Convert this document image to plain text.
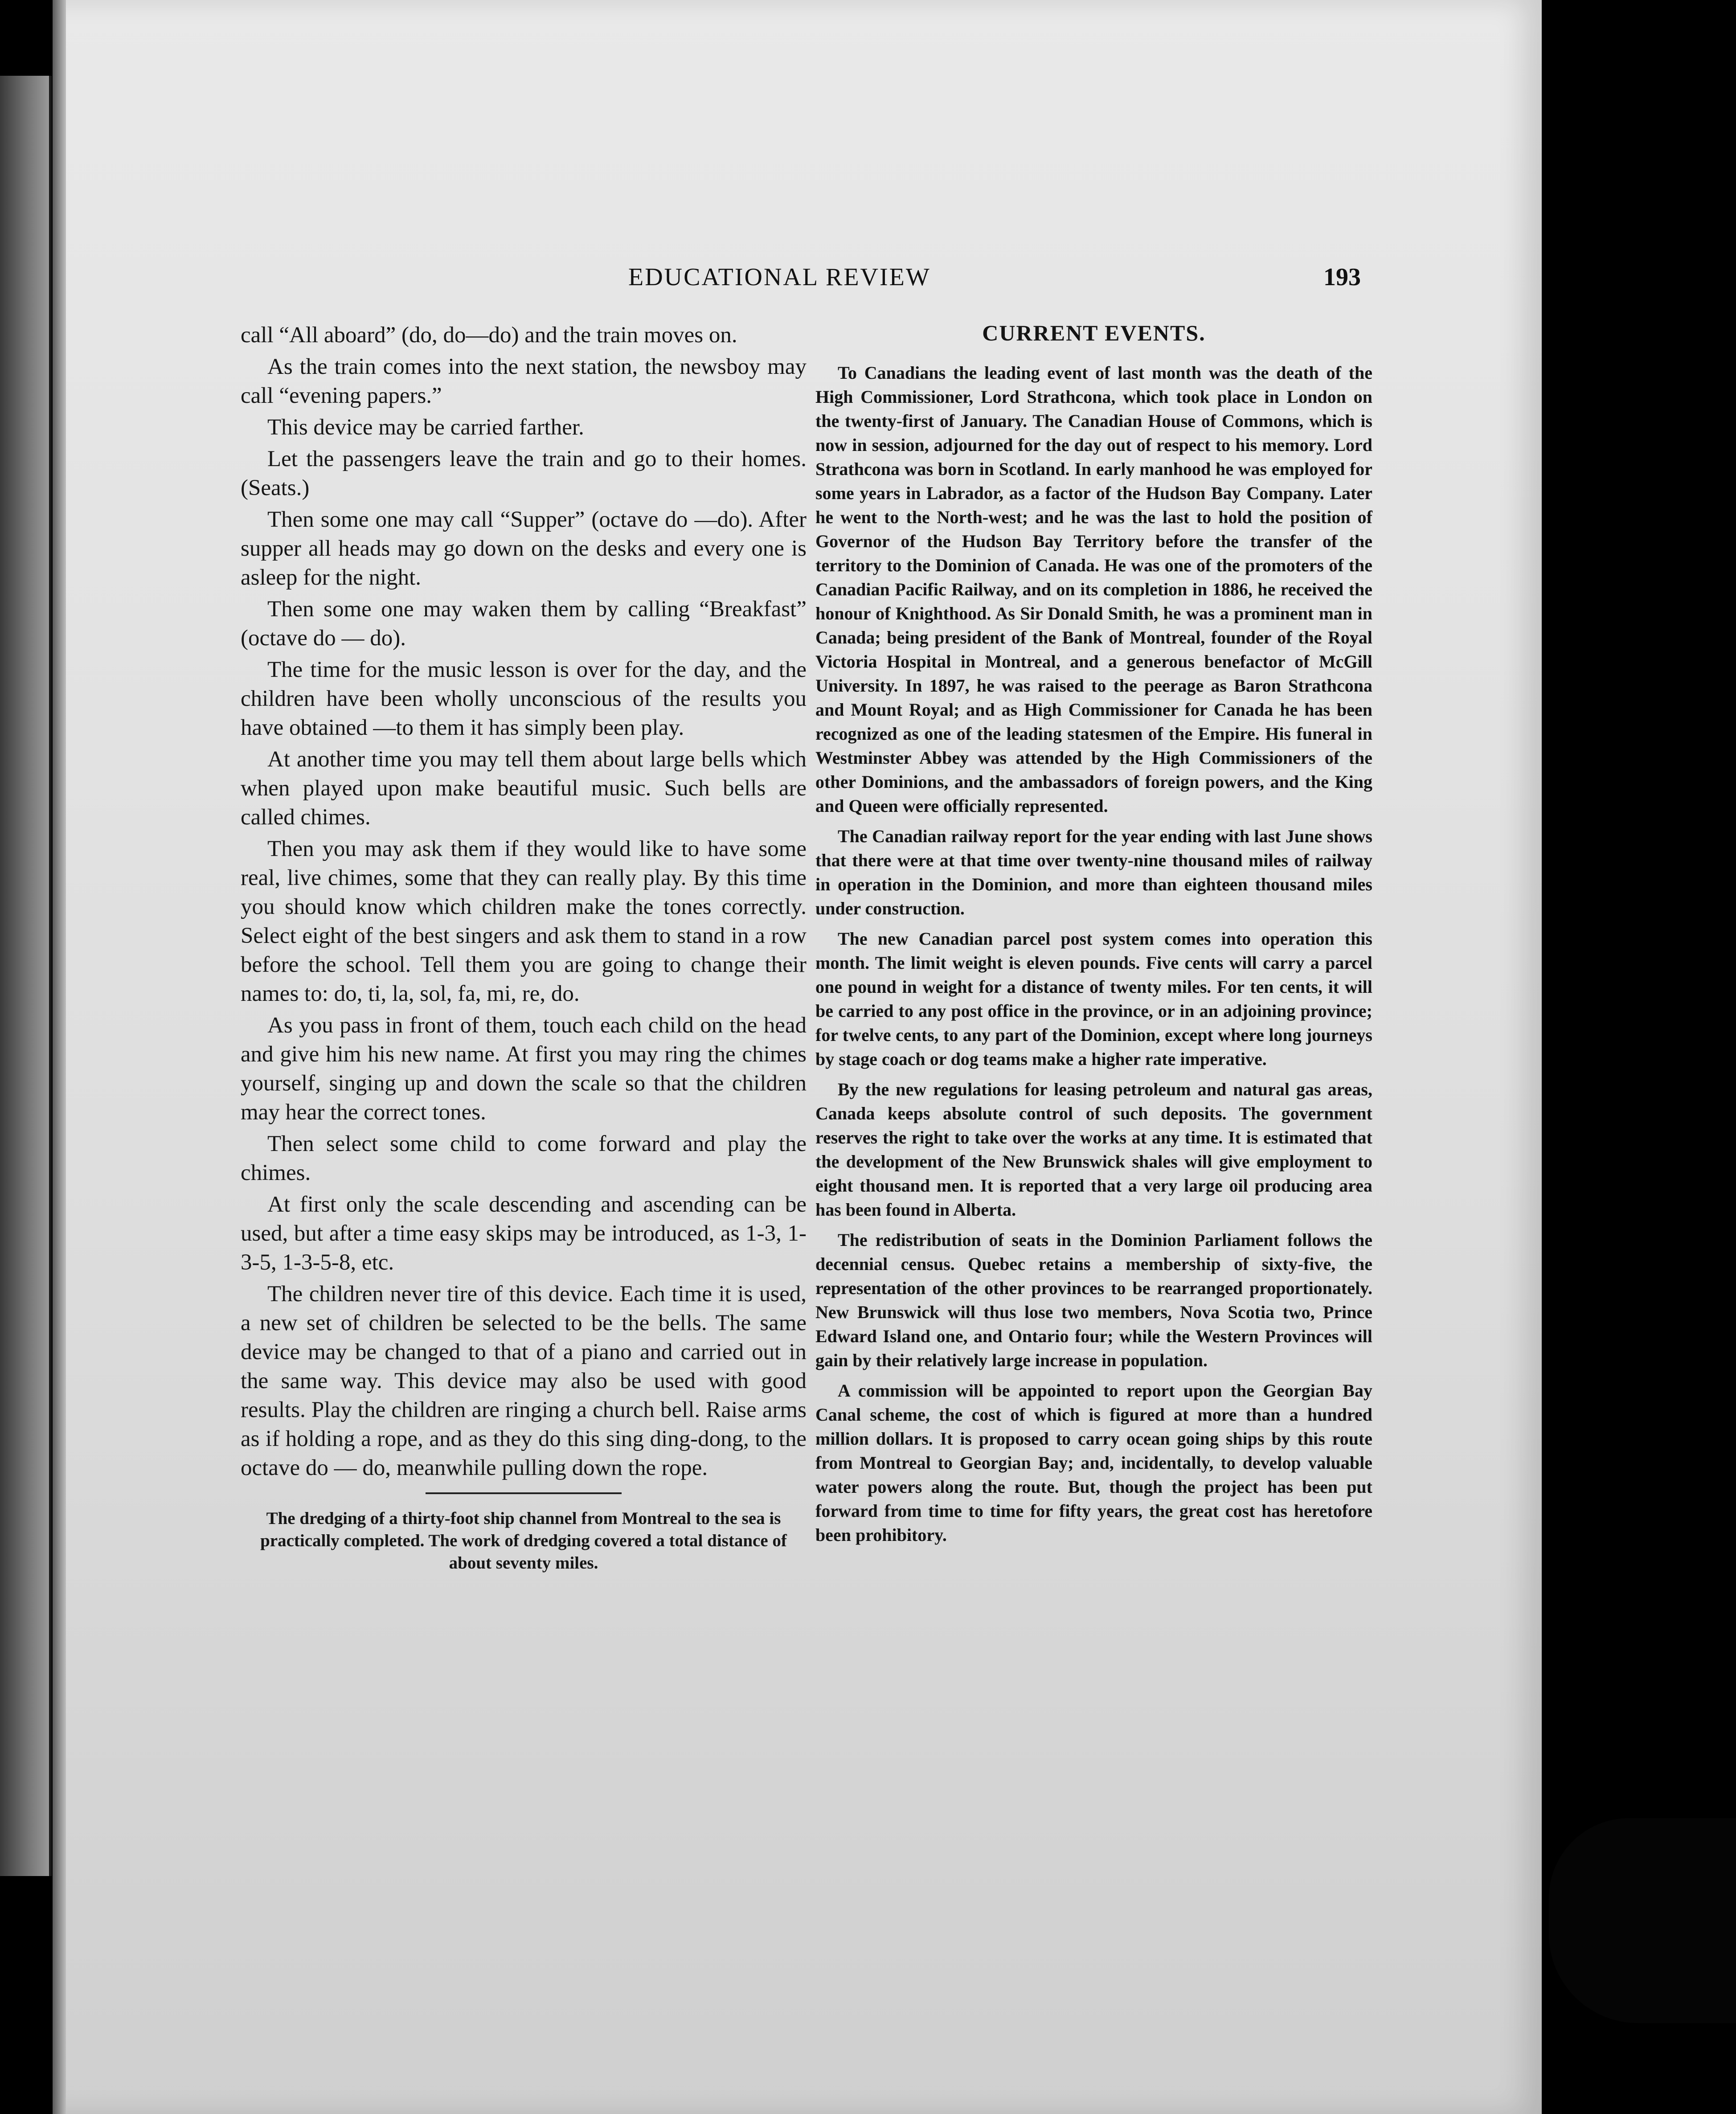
EDUCATIONAL REVIEW	193

call “All aboard” (do, do—do) and the train moves on.

As the train comes into the next station, the newsboy may call “evening papers.”

This device may be carried farther.

Let the passengers leave the train and go to their homes. (Seats.)

Then some one may call “Supper” (octave do —do). After supper all heads may go down on the desks and every one is asleep for the night.

Then some one may waken them by calling “Breakfast” (octave do — do).

The time for the music lesson is over for the day, and the children have been wholly unconscious of the results you have obtained —to them it has simply been play.

At another time you may tell them about large bells which when played upon make beautiful music. Such bells are called chimes.

Then you may ask them if they would like to have some real, live chimes, some that they can really play. By this time you should know which children make the tones correctly. Select eight of the best singers and ask them to stand in a row before the school. Tell them you are going to change their names to: do, ti, la, sol, fa, mi, re, do.

As you pass in front of them, touch each child on the head and give him his new name. At first you may ring the chimes yourself, singing up and down the scale so that the children may hear the correct tones.

Then select some child to come forward and play the chimes.

At first only the scale descending and ascending can be used, but after a time easy skips may be introduced, as 1-3, 1-3-5, 1-3-5-8, etc.

The children never tire of this device. Each time it is used, a new set of children be selected to be the bells. The same device may be changed to that of a piano and carried out in the same way. This device may also be used with good results. Play the children are ringing a church bell. Raise arms as if holding a rope, and as they do this sing ding-dong, to the octave do — do, meanwhile pulling down the rope.

The dredging of a thirty-foot ship channel from Montreal to the sea is practically completed. The work of dredging covered a total distance of about seventy miles.

CURRENT EVENTS.

To Canadians the leading event of last month was the death of the High Commissioner, Lord Strathcona, which took place in London on the twenty-first of January. The Canadian House of Commons, which is now in session, adjourned for the day out of respect to his memory. Lord Strathcona was born in Scotland. In early manhood he was employed for some years in Labrador, as a factor of the Hudson Bay Company. Later he went to the North-west; and he was the last to hold the position of Governor of the Hudson Bay Territory before the transfer of the territory to the Dominion of Canada. He was one of the promoters of the Canadian Pacific Railway, and on its completion in 1886, he received the honour of Knighthood. As Sir Donald Smith, he was a prominent man in Canada; being president of the Bank of Montreal, founder of the Royal Victoria Hospital in Montreal, and a generous benefactor of McGill University. In 1897, he was raised to the peerage as Baron Strathcona and Mount Royal; and as High Commissioner for Canada he has been recognized as one of the leading statesmen of the Empire. His funeral in Westminster Abbey was attended by the High Commissioners of the other Dominions, and the ambassadors of foreign powers, and the King and Queen were officially represented.

The Canadian railway report for the year ending with last June shows that there were at that time over twenty-nine thousand miles of railway in operation in the Dominion, and more than eighteen thousand miles under construction.

The new Canadian parcel post system comes into operation this month. The limit weight is eleven pounds. Five cents will carry a parcel one pound in weight for a distance of twenty miles. For ten cents, it will be carried to any post office in the province, or in an adjoining province; for twelve cents, to any part of the Dominion, except where long journeys by stage coach or dog teams make a higher rate imperative.

By the new regulations for leasing petroleum and natural gas areas, Canada keeps absolute control of such deposits. The government reserves the right to take over the works at any time. It is estimated that the development of the New Brunswick shales will give employment to eight thousand men. It is reported that a very large oil producing area has been found in Alberta.

The redistribution of seats in the Dominion Parliament follows the decennial census. Quebec retains a membership of sixty-five, the representation of the other provinces to be rearranged proportionately. New Brunswick will thus lose two members, Nova Scotia two, Prince Edward Island one, and Ontario four; while the Western Provinces will gain by their relatively large increase in population.

A commission will be appointed to report upon the Georgian Bay Canal scheme, the cost of which is figured at more than a hundred million dollars. It is proposed to carry ocean going ships by this route from Montreal to Georgian Bay; and, incidentally, to develop valuable water powers along the route. But, though the project has been put forward from time to time for fifty years, the great cost has heretofore been prohibitory.
